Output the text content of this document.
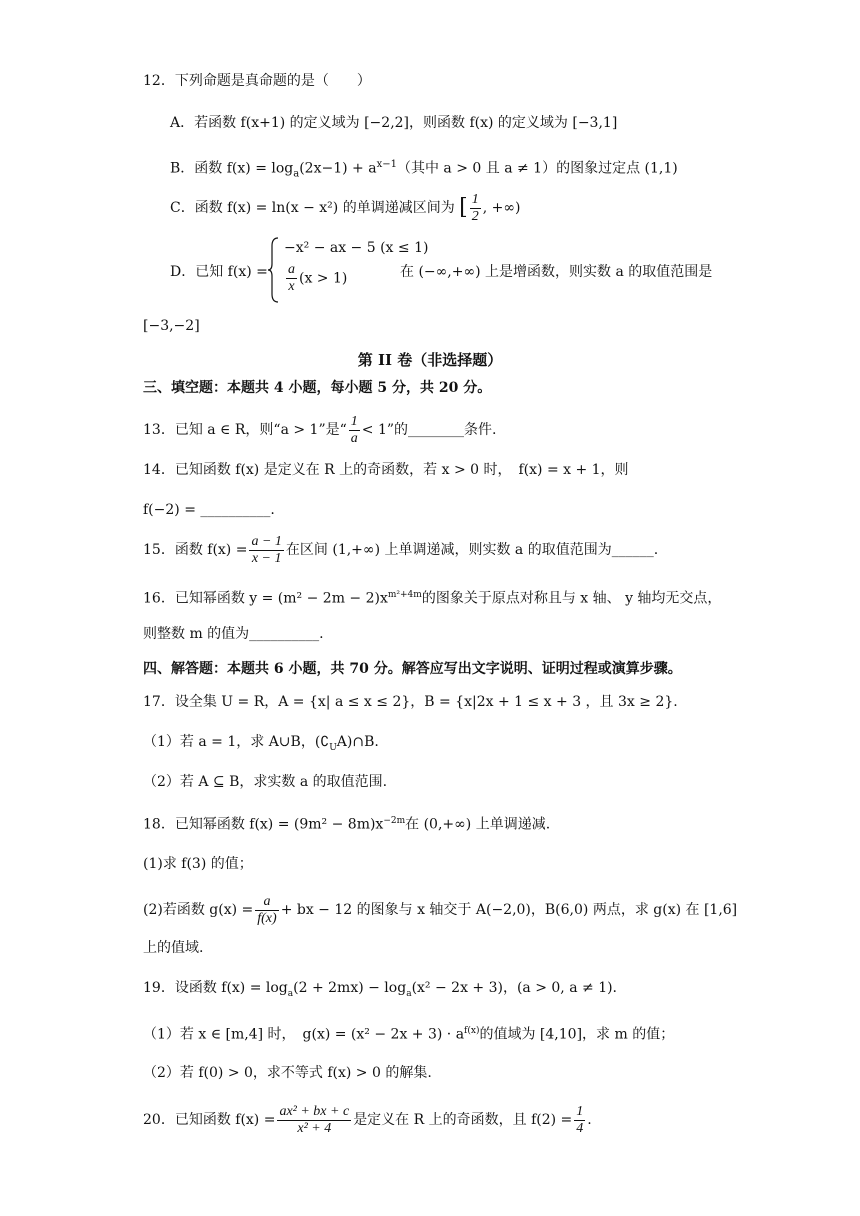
12．下列命题是真命题的是（　　）
A．若函数 f(x+1) 的定义域为 [−2,2]，则函数 f(x) 的定义域为 [−3,1]
B．函数 $f(x) = \log_a(2x-1) + a^{x-1}$（其中 a > 0 且 a ≠ 1）的图象过定点 (1,1)
C．函数 f(x) = ln(x − x²) 的单调递减区间为 [ $\frac{1}{2}$ , +∞)
D．已知 f(x) =
−x² − ax − 5 (x ≤ 1)
$\frac{a}{x} (x > 1)$	在 (−∞,+∞) 上是增函数，则实数 a 的取值范围是
[−3,−2]
第 II 卷（非选择题）
三、填空题：本题共 4 小题，每小题 5 分，共 20 分。
13．已知 a ∈ R，则“a > 1”是“ $\frac{1}{a} < 1$”的________条件.
14．已知函数 f(x) 是定义在 R 上的奇函数，若 x > 0 时，　f(x) = x + 1，则
f(−2) = __________.
15．函数 $f(x) = \frac{a - 1}{x - 1}$ 在区间 (1,+∞) 上单调递减，则实数 a 的取值范围为______.
16．已知幂函数 $y = (m^2 - 2m - 2)x^{m^2+4m}$的图象关于原点对称且与 x 轴、 y 轴均无交点，
则整数 m 的值为__________.
四、解答题：本题共 6 小题，共 70 分。解答应写出文字说明、证明过程或演算步骤。
17．设全集 U = R，A = {x| a ≤ x ≤ 2}，B = {x|2x + 1 ≤ x + 3 ，且 3x ≥ 2}.
（1）若 a = 1，求 A∪B，$(∁_UA)\cap B$.
（2）若 A ⊆ B，求实数 a 的取值范围.
18．已知幂函数 $f(x) = (9m^2 - 8m)x^{-2m}$在 (0,+∞) 上单调递减.
(1)求 f(3) 的值；
(2)若函数 $g(x) = \frac{a}{f(x)}$ + bx − 12 的图象与 x 轴交于 A(−2,0)，B(6,0) 两点，求 g(x) 在 [1,6]
上的值域.
19．设函数 $f(x) = \log_a(2 + 2mx) - \log_a(x^2 - 2x + 3)$，(a > 0, a ≠ 1).
（1）若 x ∈ [m,4] 时，　$g(x) = (x^2 - 2x + 3) \cdot a^{f(x)}$的值域为 [4,10]，求 m 的值；
（2）若 f(0) > 0，求不等式 f(x) > 0 的解集.
20．已知函数 $f(x) = \frac{\text{ax² + bx + c}}{\text{x² + 4}}$ 是定义在 R 上的奇函数，且 $f(2) = \frac{1}{4}$ .
